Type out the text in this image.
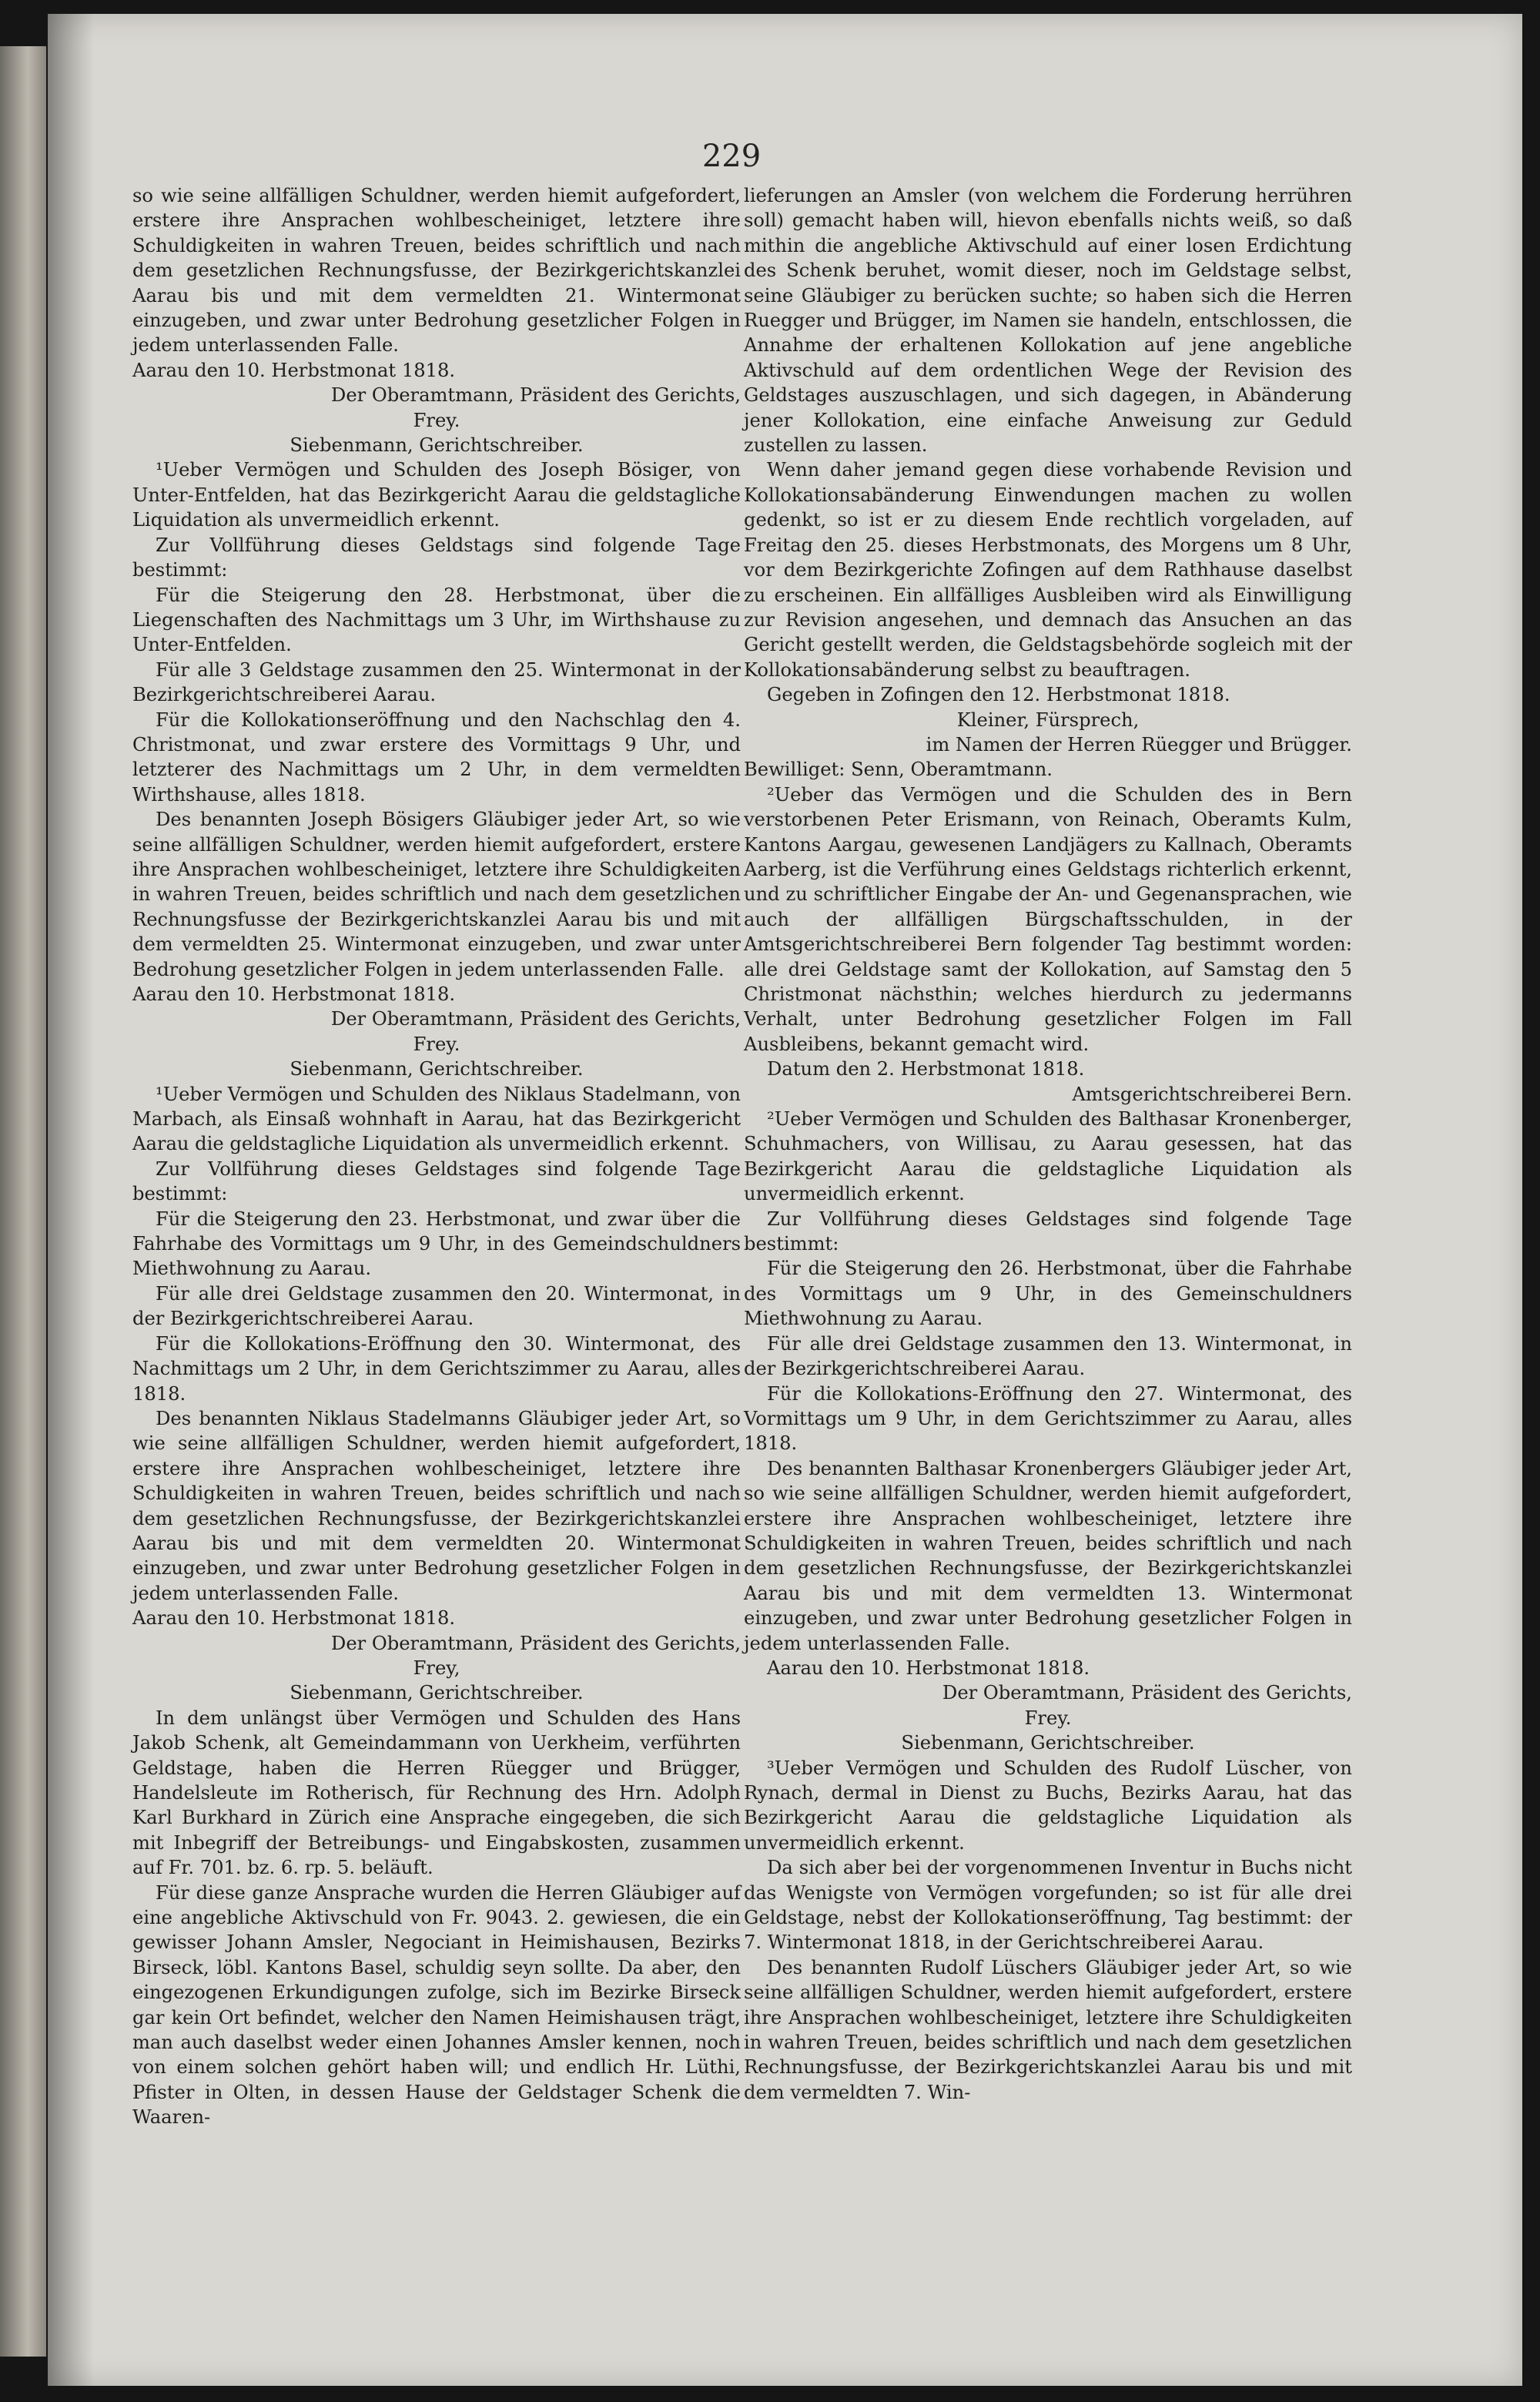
229

so wie seine allfälligen Schuldner, werden hiemit aufgefordert, erstere ihre Ansprachen wohlbescheiniget, letztere ihre Schuldigkeiten in wahren Treuen, beides schriftlich und nach dem gesetzlichen Rechnungsfusse, der Bezirkgerichtskanzlei Aarau bis und mit dem vermeldten 21. Wintermonat einzugeben, und zwar unter Bedrohung gesetzlicher Folgen in jedem unterlassenden Falle.

Aarau den 10. Herbstmonat 1818.

Der Oberamtmann, Präsident des Gerichts,

Frey.

Siebenmann, Gerichtschreiber.

¹Ueber Vermögen und Schulden des Joseph Bösiger, von Unter-Entfelden, hat das Bezirkgericht Aarau die geldstagliche Liquidation als unvermeidlich erkennt.

Zur Vollführung dieses Geldstags sind folgende Tage bestimmt:

Für die Steigerung den 28. Herbstmonat, über die Liegenschaften des Nachmittags um 3 Uhr, im Wirthshause zu Unter-Entfelden.

Für alle 3 Geldstage zusammen den 25. Wintermonat in der Bezirkgerichtschreiberei Aarau.

Für die Kollokationseröffnung und den Nachschlag den 4. Christmonat, und zwar erstere des Vormittags 9 Uhr, und letzterer des Nachmittags um 2 Uhr, in dem vermeldten Wirthshause, alles 1818.

Des benannten Joseph Bösigers Gläubiger jeder Art, so wie seine allfälligen Schuldner, werden hiemit aufgefordert, erstere ihre Ansprachen wohlbescheiniget, letztere ihre Schuldigkeiten in wahren Treuen, beides schriftlich und nach dem gesetzlichen Rechnungsfusse der Bezirkgerichtskanzlei Aarau bis und mit dem vermeldten 25. Wintermonat einzugeben, und zwar unter Bedrohung gesetzlicher Folgen in jedem unterlassenden Falle.

Aarau den 10. Herbstmonat 1818.

Der Oberamtmann, Präsident des Gerichts,

Frey.

Siebenmann, Gerichtschreiber.

¹Ueber Vermögen und Schulden des Niklaus Stadelmann, von Marbach, als Einsaß wohnhaft in Aarau, hat das Bezirkgericht Aarau die geldstagliche Liquidation als unvermeidlich erkennt.

Zur Vollführung dieses Geldstages sind folgende Tage bestimmt:

Für die Steigerung den 23. Herbstmonat, und zwar über die Fahrhabe des Vormittags um 9 Uhr, in des Gemeindschuldners Miethwohnung zu Aarau.

Für alle drei Geldstage zusammen den 20. Wintermonat, in der Bezirkgerichtschreiberei Aarau.

Für die Kollokations-Eröffnung den 30. Wintermonat, des Nachmittags um 2 Uhr, in dem Gerichtszimmer zu Aarau, alles 1818.

Des benannten Niklaus Stadelmanns Gläubiger jeder Art, so wie seine allfälligen Schuldner, werden hiemit aufgefordert, erstere ihre Ansprachen wohlbescheiniget, letztere ihre Schuldigkeiten in wahren Treuen, beides schriftlich und nach dem gesetzlichen Rechnungsfusse, der Bezirkgerichtskanzlei Aarau bis und mit dem vermeldten 20. Wintermonat einzugeben, und zwar unter Bedrohung gesetzlicher Folgen in jedem unterlassenden Falle.

Aarau den 10. Herbstmonat 1818.

Der Oberamtmann, Präsident des Gerichts,

Frey,

Siebenmann, Gerichtschreiber.

In dem unlängst über Vermögen und Schulden des Hans Jakob Schenk, alt Gemeindammann von Uerkheim, verführten Geldstage, haben die Herren Rüegger und Brügger, Handelsleute im Rotherisch, für Rechnung des Hrn. Adolph Karl Burkhard in Zürich eine Ansprache eingegeben, die sich mit Inbegriff der Betreibungs- und Eingabskosten, zusammen auf Fr. 701. bz. 6. rp. 5. beläuft.

Für diese ganze Ansprache wurden die Herren Gläubiger auf eine angebliche Aktivschuld von Fr. 9043. 2. gewiesen, die ein gewisser Johann Amsler, Negociant in Heimishausen, Bezirks Birseck, löbl. Kantons Basel, schuldig seyn sollte. Da aber, den eingezogenen Erkundigungen zufolge, sich im Bezirke Birseck gar kein Ort befindet, welcher den Namen Heimishausen trägt, man auch daselbst weder einen Johannes Amsler kennen, noch von einem solchen gehört haben will; und endlich Hr. Lüthi, Pfister in Olten, in dessen Hause der Geldstager Schenk die Waaren-

lieferungen an Amsler (von welchem die Forderung herrühren soll) gemacht haben will, hievon ebenfalls nichts weiß, so daß mithin die angebliche Aktivschuld auf einer losen Erdichtung des Schenk beruhet, womit dieser, noch im Geldstage selbst, seine Gläubiger zu berücken suchte; so haben sich die Herren Ruegger und Brügger, im Namen sie handeln, entschlossen, die Annahme der erhaltenen Kollokation auf jene angebliche Aktivschuld auf dem ordentlichen Wege der Revision des Geldstages auszuschlagen, und sich dagegen, in Abänderung jener Kollokation, eine einfache Anweisung zur Geduld zustellen zu lassen.

Wenn daher jemand gegen diese vorhabende Revision und Kollokationsabänderung Einwendungen machen zu wollen gedenkt, so ist er zu diesem Ende rechtlich vorgeladen, auf Freitag den 25. dieses Herbstmonats, des Morgens um 8 Uhr, vor dem Bezirkgerichte Zofingen auf dem Rathhause daselbst zu erscheinen. Ein allfälliges Ausbleiben wird als Einwilligung zur Revision angesehen, und demnach das Ansuchen an das Gericht gestellt werden, die Geldstagsbehörde sogleich mit der Kollokationsabänderung selbst zu beauftragen.

Gegeben in Zofingen den 12. Herbstmonat 1818.

Kleiner, Fürsprech,

im Namen der Herren Rüegger und Brügger.

Bewilliget: Senn, Oberamtmann.

²Ueber das Vermögen und die Schulden des in Bern verstorbenen Peter Erismann, von Reinach, Oberamts Kulm, Kantons Aargau, gewesenen Landjägers zu Kallnach, Oberamts Aarberg, ist die Verführung eines Geldstags richterlich erkennt, und zu schriftlicher Eingabe der An- und Gegenansprachen, wie auch der allfälligen Bürgschaftsschulden, in der Amtsgerichtschreiberei Bern folgender Tag bestimmt worden: alle drei Geldstage samt der Kollokation, auf Samstag den 5 Christmonat nächsthin; welches hierdurch zu jedermanns Verhalt, unter Bedrohung gesetzlicher Folgen im Fall Ausbleibens, bekannt gemacht wird.

Datum den 2. Herbstmonat 1818.

Amtsgerichtschreiberei Bern.

²Ueber Vermögen und Schulden des Balthasar Kronenberger, Schuhmachers, von Willisau, zu Aarau gesessen, hat das Bezirkgericht Aarau die geldstagliche Liquidation als unvermeidlich erkennt.

Zur Vollführung dieses Geldstages sind folgende Tage bestimmt:

Für die Steigerung den 26. Herbstmonat, über die Fahrhabe des Vormittags um 9 Uhr, in des Gemeinschuldners Miethwohnung zu Aarau.

Für alle drei Geldstage zusammen den 13. Wintermonat, in der Bezirkgerichtschreiberei Aarau.

Für die Kollokations-Eröffnung den 27. Wintermonat, des Vormittags um 9 Uhr, in dem Gerichtszimmer zu Aarau, alles 1818.

Des benannten Balthasar Kronenbergers Gläubiger jeder Art, so wie seine allfälligen Schuldner, werden hiemit aufgefordert, erstere ihre Ansprachen wohlbescheiniget, letztere ihre Schuldigkeiten in wahren Treuen, beides schriftlich und nach dem gesetzlichen Rechnungsfusse, der Bezirkgerichtskanzlei Aarau bis und mit dem vermeldten 13. Wintermonat einzugeben, und zwar unter Bedrohung gesetzlicher Folgen in jedem unterlassenden Falle.

Aarau den 10. Herbstmonat 1818.

Der Oberamtmann, Präsident des Gerichts,

Frey.

Siebenmann, Gerichtschreiber.

³Ueber Vermögen und Schulden des Rudolf Lüscher, von Rynach, dermal in Dienst zu Buchs, Bezirks Aarau, hat das Bezirkgericht Aarau die geldstagliche Liquidation als unvermeidlich erkennt.

Da sich aber bei der vorgenommenen Inventur in Buchs nicht das Wenigste von Vermögen vorgefunden; so ist für alle drei Geldstage, nebst der Kollokationseröffnung, Tag bestimmt: der 7. Wintermonat 1818, in der Gerichtschreiberei Aarau.

Des benannten Rudolf Lüschers Gläubiger jeder Art, so wie seine allfälligen Schuldner, werden hiemit aufgefordert, erstere ihre Ansprachen wohlbescheiniget, letztere ihre Schuldigkeiten in wahren Treuen, beides schriftlich und nach dem gesetzlichen Rechnungsfusse, der Bezirkgerichtskanzlei Aarau bis und mit dem vermeldten 7. Win-
